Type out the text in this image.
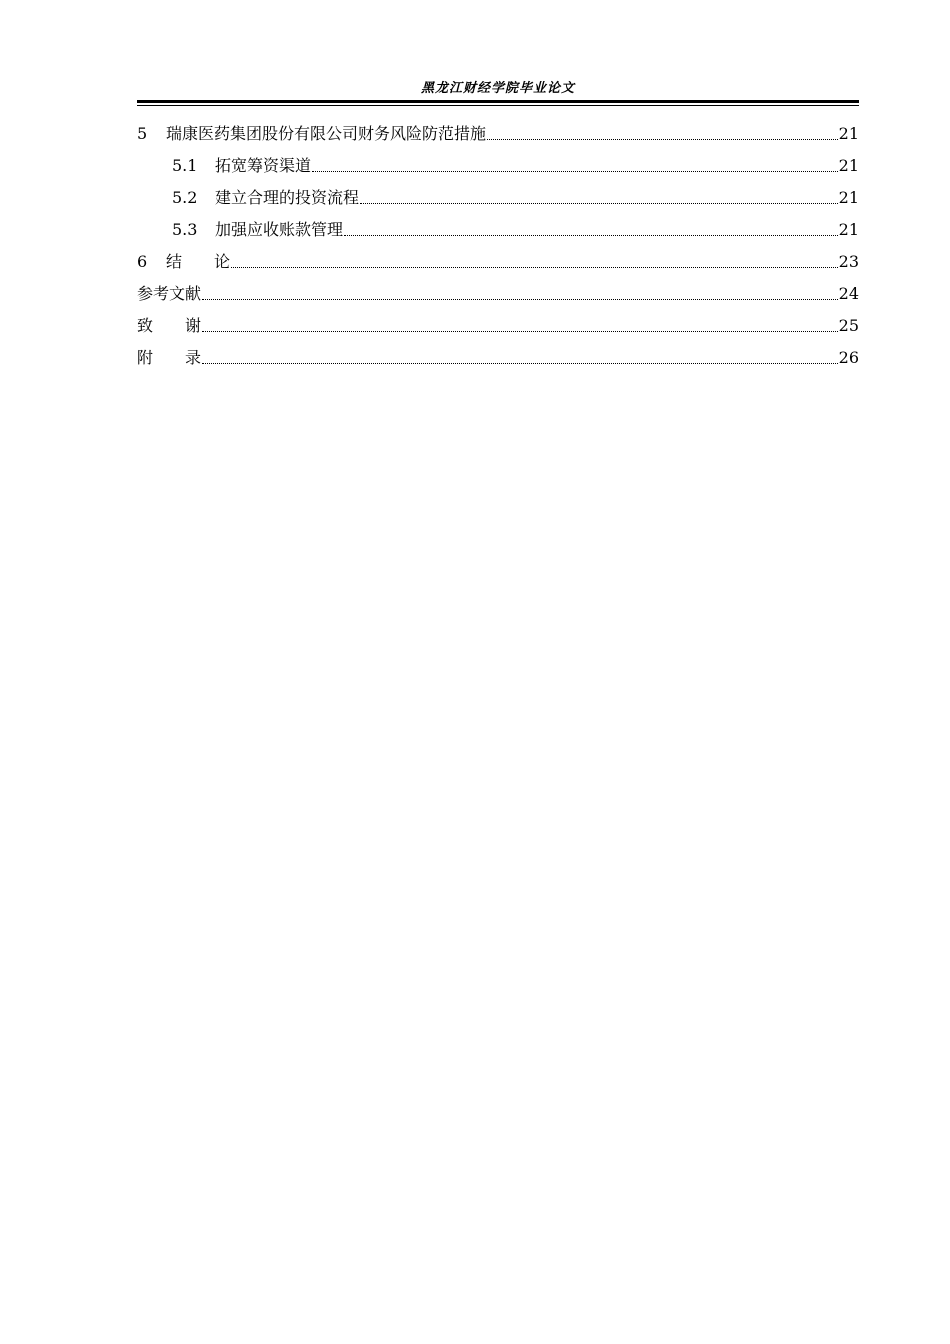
黑龙江财经学院毕业论文
5	瑞康医药集团股份有限公司财务风险防范措施	21
5.1	拓宽筹资渠道	21
5.2	建立合理的投资流程	21
5.3	加强应收账款管理	21
6	结　　论	23
参考文献	24
致　　谢	25
附　　录	26
